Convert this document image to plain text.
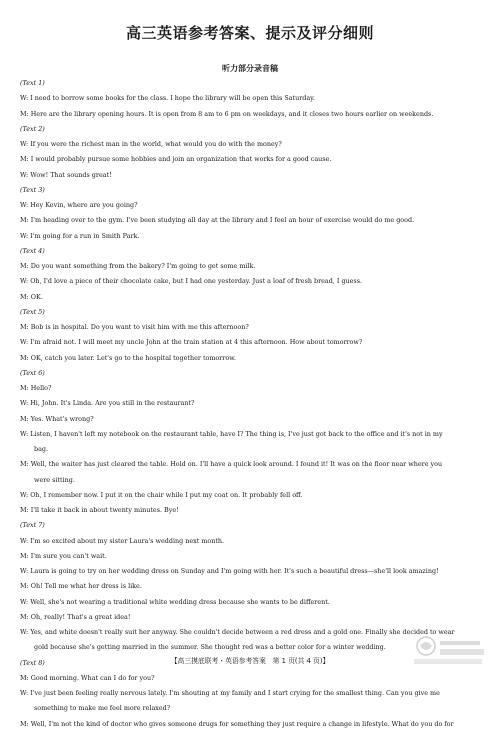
高三英语参考答案、提示及评分细则
听力部分录音稿
(Text 1)
W: I need to borrow some books for the class. I hope the library will be open this Saturday.
M: Here are the library opening hours. It is open from 8 am to 6 pm on weekdays, and it closes two hours earlier on weekends.
(Text 2)
W: If you were the richest man in the world, what would you do with the money?
M: I would probably pursue some hobbies and join an organization that works for a good cause.
W: Wow! That sounds great!
(Text 3)
W: Hey Kevin, where are you going?
M: I'm heading over to the gym. I've been studying all day at the library and I feel an hour of exercise would do me good.
W: I'm going for a run in Smith Park.
(Text 4)
M: Do you want something from the bakery? I'm going to get some milk.
W: Oh, I'd love a piece of their chocolate cake, but I had one yesterday. Just a loaf of fresh bread, I guess.
M: OK.
(Text 5)
M: Bob is in hospital. Do you want to visit him with me this afternoon?
W: I'm afraid not. I will meet my uncle John at the train station at 4 this afternoon. How about tomorrow?
M: OK, catch you later. Let's go to the hospital together tomorrow.
(Text 6)
M: Hello?
W: Hi, John. It's Linda. Are you still in the restaurant?
M: Yes. What's wrong?
W: Listen, I haven't left my notebook on the restaurant table, have I? The thing is, I've just got back to the office and it's not in my
bag.
M: Well, the waiter has just cleared the table. Hold on. I'll have a quick look around. I found it! It was on the floor near where you
were sitting.
W: Oh, I remember now. I put it on the chair while I put my coat on. It probably fell off.
M: I'll take it back in about twenty minutes. Bye!
(Text 7)
W: I'm so excited about my sister Laura's wedding next month.
M: I'm sure you can't wait.
W: Laura is going to try on her wedding dress on Sunday and I'm going with her. It's such a beautiful dress—she'll look amazing!
M: Oh! Tell me what her dress is like.
W: Well, she's not wearing a traditional white wedding dress because she wants to be different.
M: Oh, really! That's a great idea!
W: Yes, and white doesn't really suit her anyway. She couldn't decide between a red dress and a gold one. Finally she decided to wear
gold because she's getting married in the summer. She thought red was a better color for a winter wedding.
(Text 8)
M: Good morning. What can I do for you?
W: I've just been feeling really nervous lately. I'm shouting at my family and I start crying for the smallest thing. Can you give me
something to make me feel more relaxed?
M: Well, I'm not the kind of doctor who gives someone drugs for something they just require a change in lifestyle. What do you do for
【高三摸底联考・英语参考答案　第 1 页(共 4 页)】
